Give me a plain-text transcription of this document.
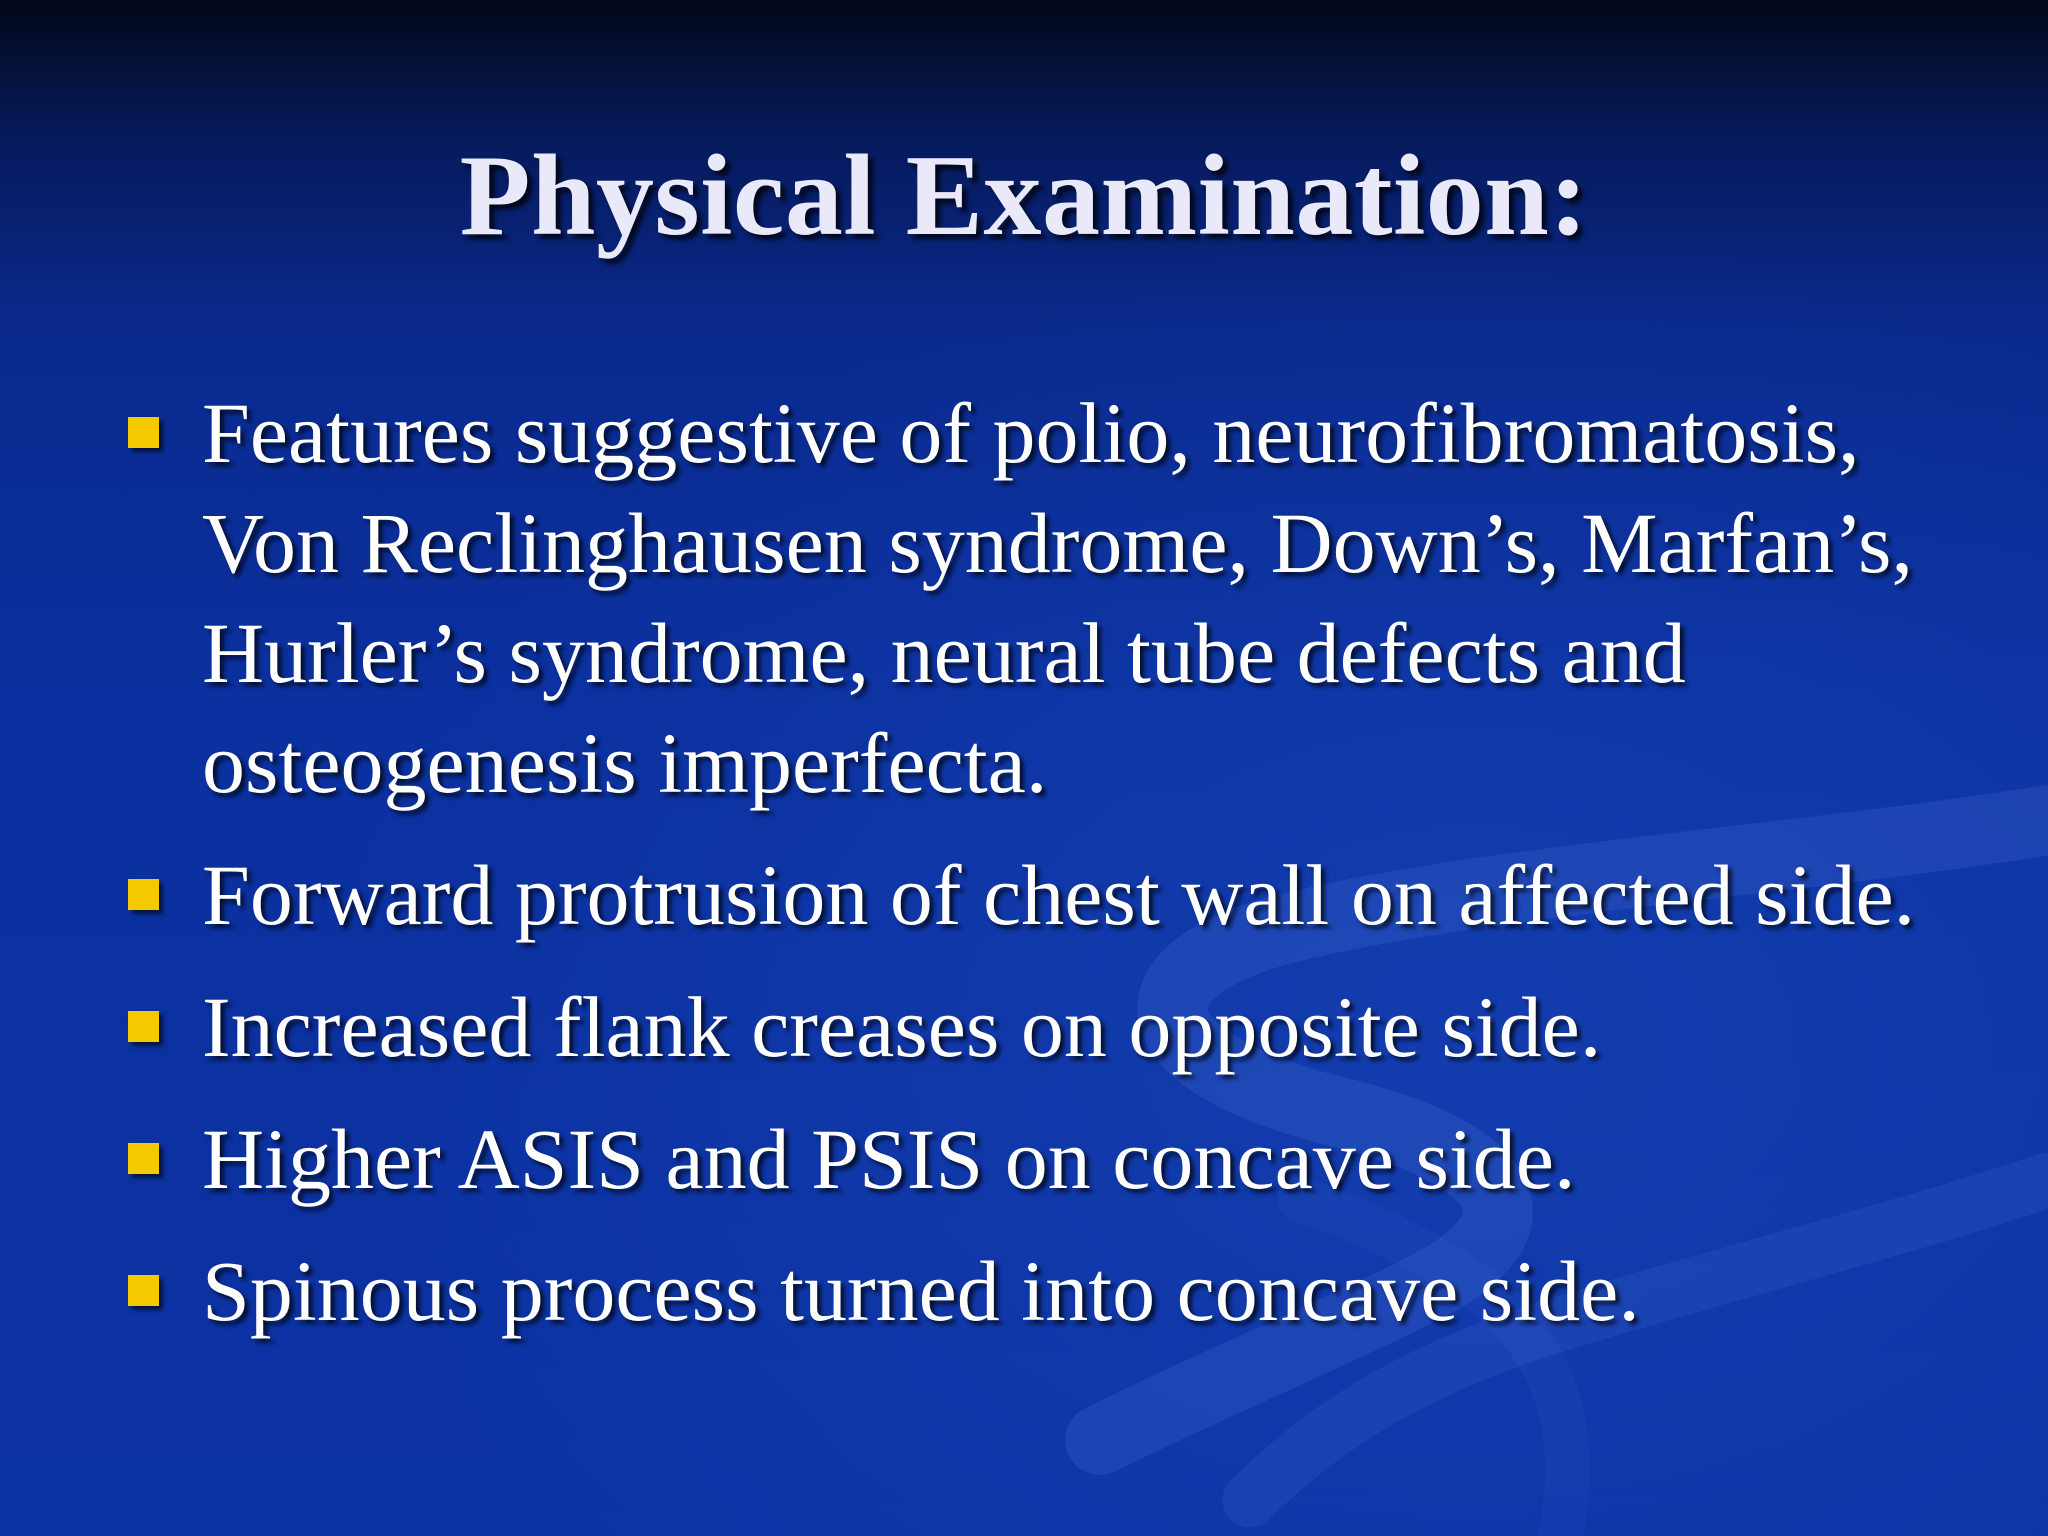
Physical Examination:
Features suggestive of polio, neurofibromatosis, Von Reclinghausen syndrome, Down’s, Marfan’s, Hurler’s syndrome, neural tube defects and osteogenesis imperfecta.
Forward protrusion of chest wall on affected side.
Increased flank creases on opposite side.
Higher ASIS and PSIS on concave side.
Spinous process turned into concave side.
